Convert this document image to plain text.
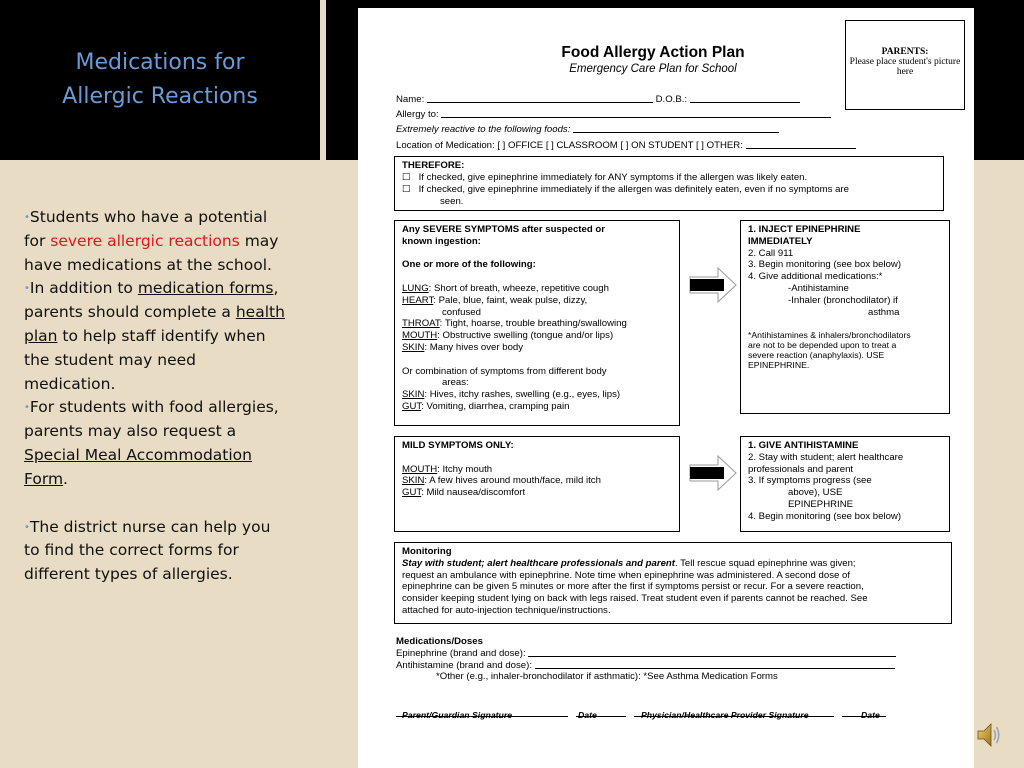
Medications for
Allergic Reactions

•Students who have a potential for severe allergic reactions may have medications at the school.

•In addition to medication forms, parents should complete a health plan to help staff identify when the student may need medication.

•For students with food allergies, parents may also request a Special Meal Accommodation Form.

•The district nurse can help you to find the correct forms for different types of allergies.

Food Allergy Action Plan
Emergency Care Plan for School
PARENTS:
Please place student's picture here
Name:	D.O.B.:
Allergy to:
Extremely reactive to the following foods:
Location of Medication: [ ] OFFICE [ ] CLASSROOM [ ] ON STUDENT [ ] OTHER:
THEREFORE:
☐ If checked, give epinephrine immediately for ANY symptoms if the allergen was likely eaten.
☐ If checked, give epinephrine immediately if the allergen was definitely eaten, even if no symptoms are
seen.
Any SEVERE SYMPTOMS after suspected or
known ingestion:

One or more of the following:

LUNG: Short of breath, wheeze, repetitive cough
HEART: Pale, blue, faint, weak pulse, dizzy,
confused
THROAT: Tight, hoarse, trouble breathing/swallowing
MOUTH: Obstructive swelling (tongue and/or lips)
SKIN: Many hives over body

Or combination of symptoms from different body
areas:
SKIN: Hives, itchy rashes, swelling (e.g., eyes, lips)
GUT: Vomiting, diarrhea, cramping pain
1. INJECT EPINEPHRINE
IMMEDIATELY
2. Call 911
3. Begin monitoring (see box below)
4. Give additional medications:*
-Antihistamine
-Inhaler (bronchodilator) if
asthma

*Antihistamines & inhalers/bronchodilators
are not to be depended upon to treat a
severe reaction (anaphylaxis). USE
EPINEPHRINE.
MILD SYMPTOMS ONLY:

MOUTH: Itchy mouth
SKIN: A few hives around mouth/face, mild itch
GUT: Mild nausea/discomfort
1. GIVE ANTIHISTAMINE
2. Stay with student; alert healthcare
professionals and parent
3. If symptoms progress (see
above), USE
EPINEPHRINE
4. Begin monitoring (see box below)
Monitoring
Stay with student; alert healthcare professionals and parent. Tell rescue squad epinephrine was given;
request an ambulance with epinephrine. Note time when epinephrine was administered. A second dose of
epinephrine can be given 5 minutes or more after the first if symptoms persist or recur. For a severe reaction,
consider keeping student lying on back with legs raised. Treat student even if parents cannot be reached. See
attached for auto-injection technique/instructions.
Medications/Doses
Epinephrine (brand and dose):
Antihistamine (brand and dose):
*Other (e.g., inhaler-bronchodilator if asthmatic): *See Asthma Medication Forms

Parent/Guardian Signature	Date	Physician/Healthcare Provider Signature	Date
